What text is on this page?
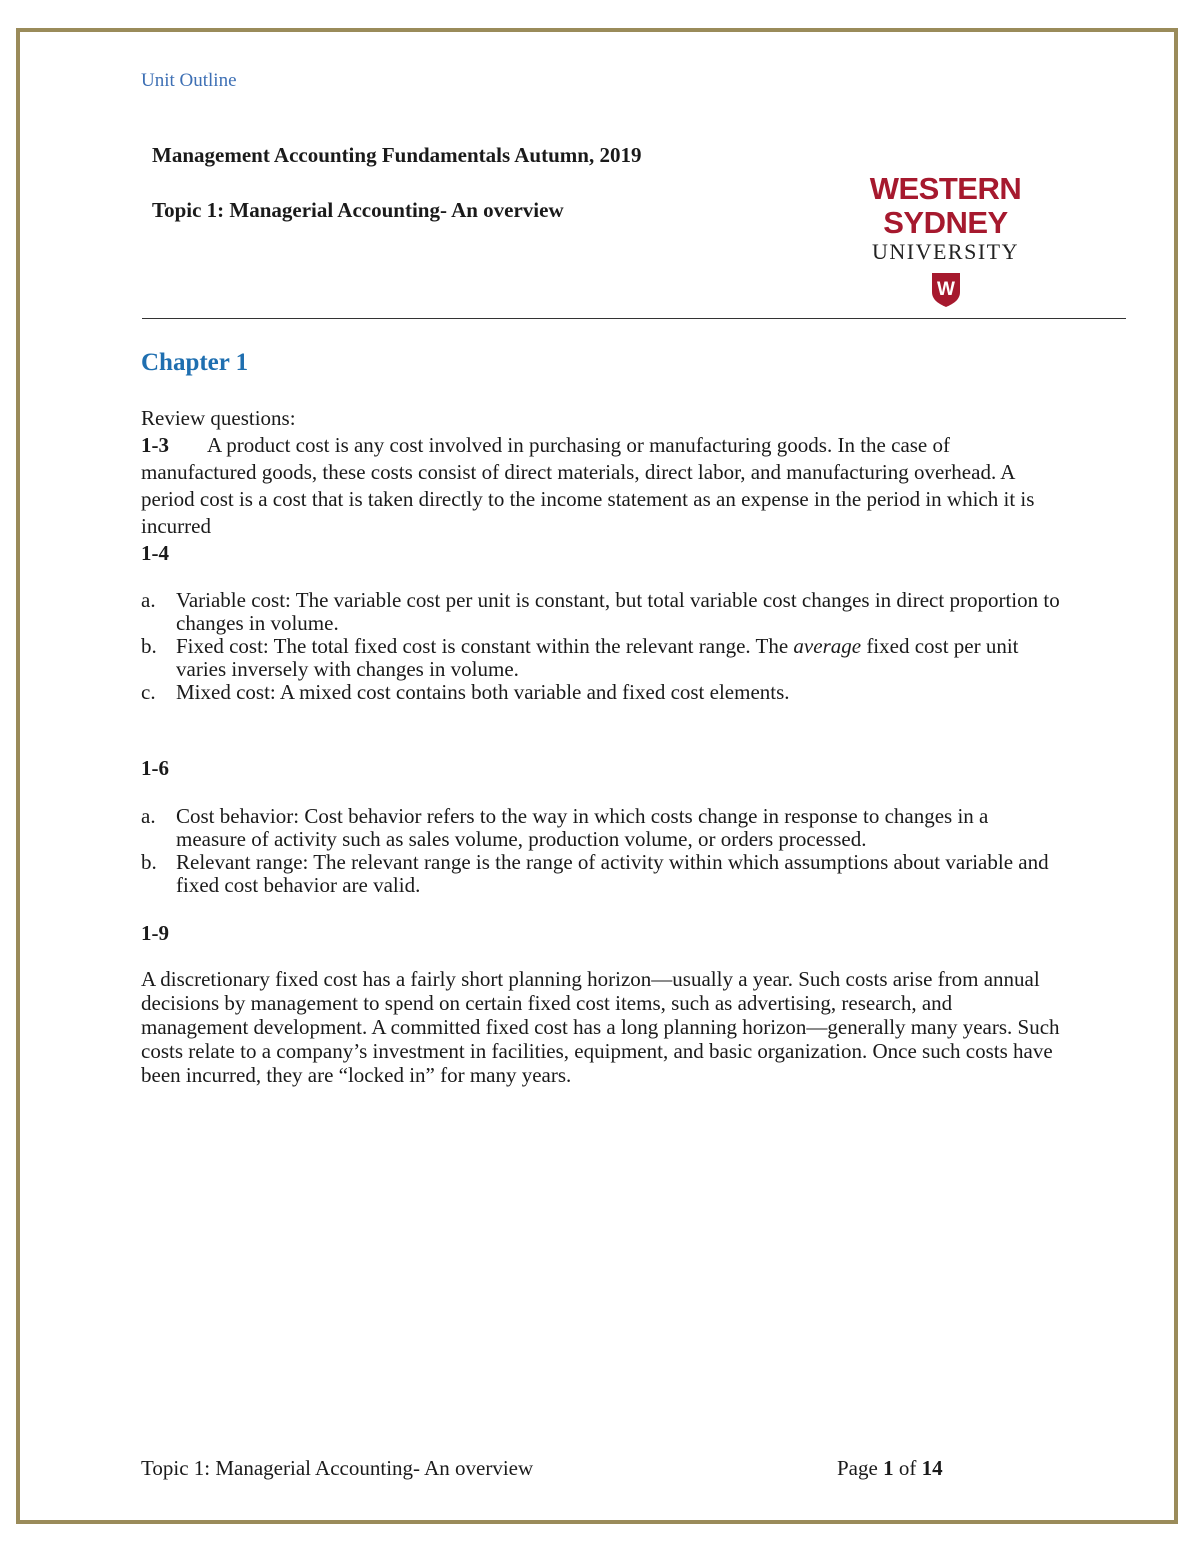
Unit Outline
Management Accounting Fundamentals Autumn, 2019
Topic 1: Managerial Accounting- An overview
WESTERN SYDNEY
UNIVERSITY
W
Chapter 1
Review questions:
1-3 A product cost is any cost involved in purchasing or manufacturing goods. In the case of manufactured goods, these costs consist of direct materials, direct labor, and manufacturing overhead. A period cost is a cost that is taken directly to the income statement as an expense in the period in which it is incurred
1-4
a. Variable cost: The variable cost per unit is constant, but total variable cost changes in direct proportion to changes in volume.
b. Fixed cost: The total fixed cost is constant within the relevant range. The average fixed cost per unit varies inversely with changes in volume.
c. Mixed cost: A mixed cost contains both variable and fixed cost elements.
1-6
a. Cost behavior: Cost behavior refers to the way in which costs change in response to changes in a measure of activity such as sales volume, production volume, or orders processed.
b. Relevant range: The relevant range is the range of activity within which assumptions about variable and fixed cost behavior are valid.
1-9
A discretionary fixed cost has a fairly short planning horizon—usually a year. Such costs arise from annual decisions by management to spend on certain fixed cost items, such as advertising, research, and management development. A committed fixed cost has a long planning horizon—generally many years. Such costs relate to a company’s investment in facilities, equipment, and basic organization. Once such costs have been incurred, they are “locked in” for many years.
Topic 1: Managerial Accounting- An overview	Page 1 of 14
